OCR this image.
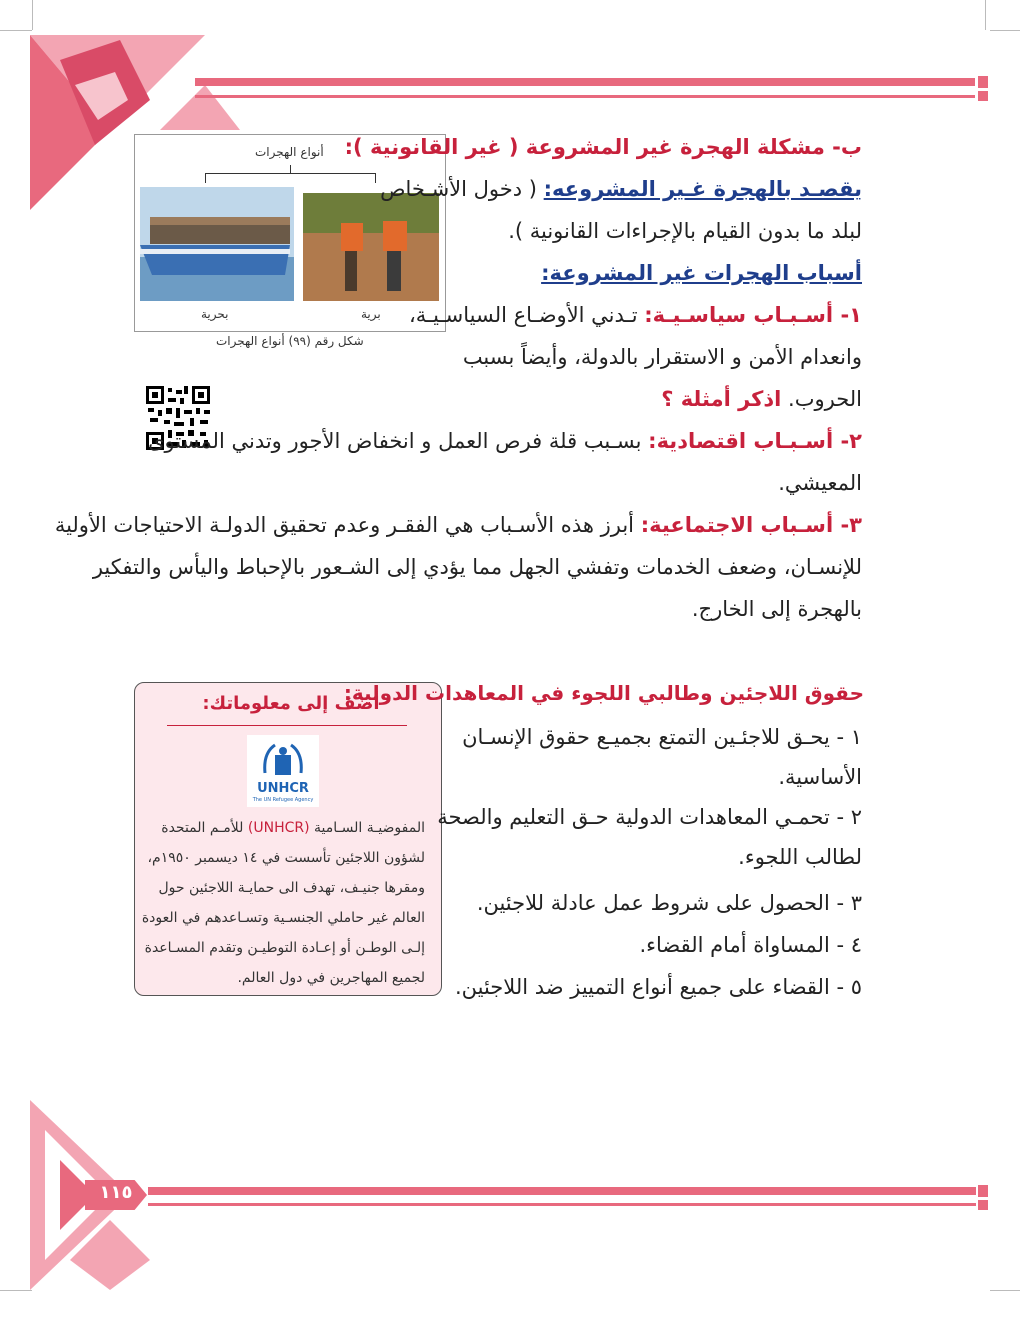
أنواع الهجرات
بحرية	برية
شكل رقم (٩٩) أنواع الهجرات
ب- مشكلة الهجرة غير المشروعة ( غير القانونية ):
يقصـد بالهجرة غـير المشروعه: ( دخول الأشـخاص
لبلد ما بدون القيام بالإجراءات القانونية ).
أسباب الهجرات غير المشروعة:
١- أسـبـاب سياسـيـة: تـدني الأوضـاع السياسـيـة،
وانعدام الأمن و الاستقرار بالدولة، وأيضاً بسبب
الحروب. اذكر أمثلة ؟
٢- أسـبـاب اقتصادية: بسـبب قلة فرص العمل و انخفاض الأجور وتدني المستوى
المعيشي.
٣- أسـباب الاجتماعية: أبرز هذه الأسـباب هي الفقـر وعدم تحقيق الدولـة الاحتياجات الأولية
للإنسـان، وضعف الخدمات وتفشي الجهل مما يؤدي إلى الشـعور بالإحباط واليأس والتفكير
بالهجرة إلى الخارج.
أضف إلى معلوماتك:
UNHCR
The UN Refugee Agency
المفوضيـة السـامية (UNHCR) للأمـم المتحدة
لشؤون اللاجئين تأسست في ١٤ ديسمبر ١٩٥٠م،
ومقرها جنيـف، تهدف الى حمايـة اللاجئين حول
العالم غير حاملي الجنسـية وتسـاعدهم في العودة
إلـى الوطـن أو إعـادة التوطيـن وتقدم المسـاعدة
لجميع المهاجرين في دول العالم.
حقوق اللاجئين وطالبي اللجوء في المعاهدات الدولية:
١ - يحـق للاجئـين التمتع بجميـع حقوق الإنسـان
الأساسية.
٢ - تحمـي المعاهدات الدولية حـق التعليم والصحة
لطالب اللجوء.
٣ - الحصول على شروط عمل عادلة للاجئين.
٤ - المساواة أمام القضاء.
٥ - القضاء على جميع أنواع التمييز ضد اللاجئين.
١١٥
